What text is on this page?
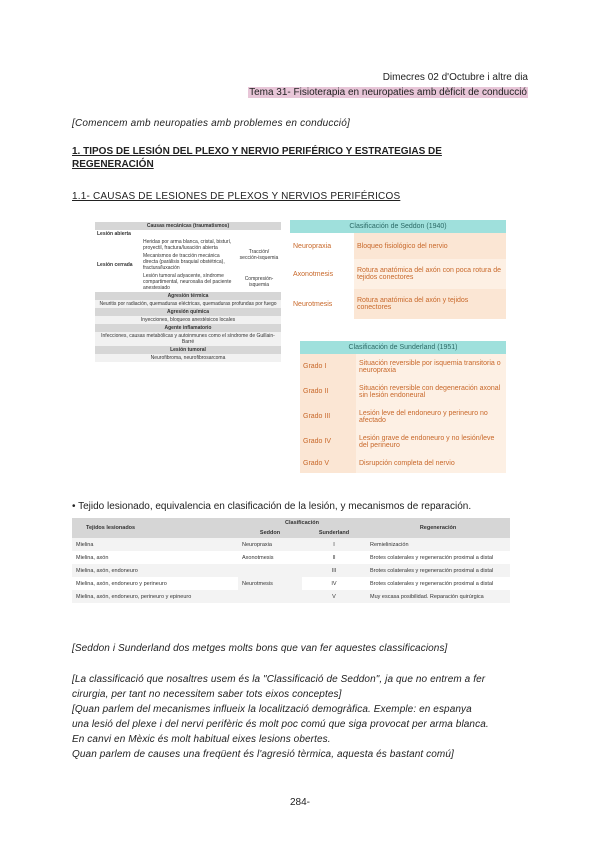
Dimecres 02 d'Octubre i altre dia
Tema 31- Fisioterapia en neuropaties amb dèficit de conducció
[Comencem amb neuropaties amb problemes en conducció]
1. TIPOS DE LESIÓN DEL PLEXO Y NERVIO PERIFÉRICO Y ESTRATEGIAS DE REGENERACIÓN
1.1- CAUSAS DE LESIONES DE PLEXOS Y NERVIOS PERIFÉRICOS
Causas mecánicas (traumatismos)		
Lesión abierta		
Lesión cerrada	Heridas por arma blanca, cristal, bisturí, proyectil, fractura/luxación abierta	Tracción/ sección-isquemia
	Mecanismos de tracción mecánica directa (parálisis braquial obstétrica), fractura/luxación	
	Lesión tumoral adyacente, síndrome compartimental, neuroxalia del paciente anestesiado	Compresión-isquemia
Agresión térmica		
Neuritis por radiación, quemaduras eléctricas, quemaduras profundas por fuego		
Agresión química		
Inyecciones, bloqueos anestésicos locales		
Agente inflamatorio		
Infecciones, causas metabólicas y autoinmunes como el síndrome de Guillain-Barré		
Lesión tumoral		
Neurofibroma, neurofibrosarcoma		
Clasificación de Seddon (1940)	
Neuropraxia	Bloqueo fisiológico del nervio
Axonotmesis	Rotura anatómica del axón con poca rotura de tejidos conectores
Neurotmesis	Rotura anatómica del axón y tejidos conectores
Clasificación de Sunderland (1951)	
Grado I	Situación reversible por isquemia transitoria o neuropraxia
Grado II	Situación reversible con degeneración axonal sin lesión endoneural
Grado III	Lesión leve del endoneuro y perineuro no afectado
Grado IV	Lesión grave de endoneuro y no lesión/leve del perineuro
Grado V	Disrupción completa del nervio
• Tejido lesionado, equivalencia en clasificación de la lesión, y mecanismos de reparación.
Tejidos lesionados	Clasificación		Regeneración
	Seddon	Sunderland	
Mielina	Neuropraxia	I	Remielinización
Mielina, axón	Axonotmesis	II	Brotes colaterales y regeneración proximal a distal
Mielina, axón, endoneuro	Neurotmesis	III	Brotes colaterales y regeneración proximal a distal
Mielina, axón, endoneuro y perineuro		IV	Brotes colaterales y regeneración proximal a distal
Mielina, axón, endoneuro, perineuro y epineuro		V	Muy escasa posibilidad. Reparación quirúrgica
[Seddon i Sunderland dos metges molts bons que van fer aquestes classificacions]
[La classificació que nosaltres usem és la "Classificació de Seddon", ja que no entrem a fer
cirurgia, per tant no necessitem saber tots eixos conceptes]
[Quan parlem del mecanismes influeix la localització demogràfica. Exemple: en espanya
una lesió del plexe i del nervi perifèric és molt poc comú que siga provocat per arma blanca.
En canvi en Mèxic és molt habitual eixes lesions obertes.
Quan parlem de causes una freqüent és l'agresió tèrmica, aquesta és bastant comú]
284-
